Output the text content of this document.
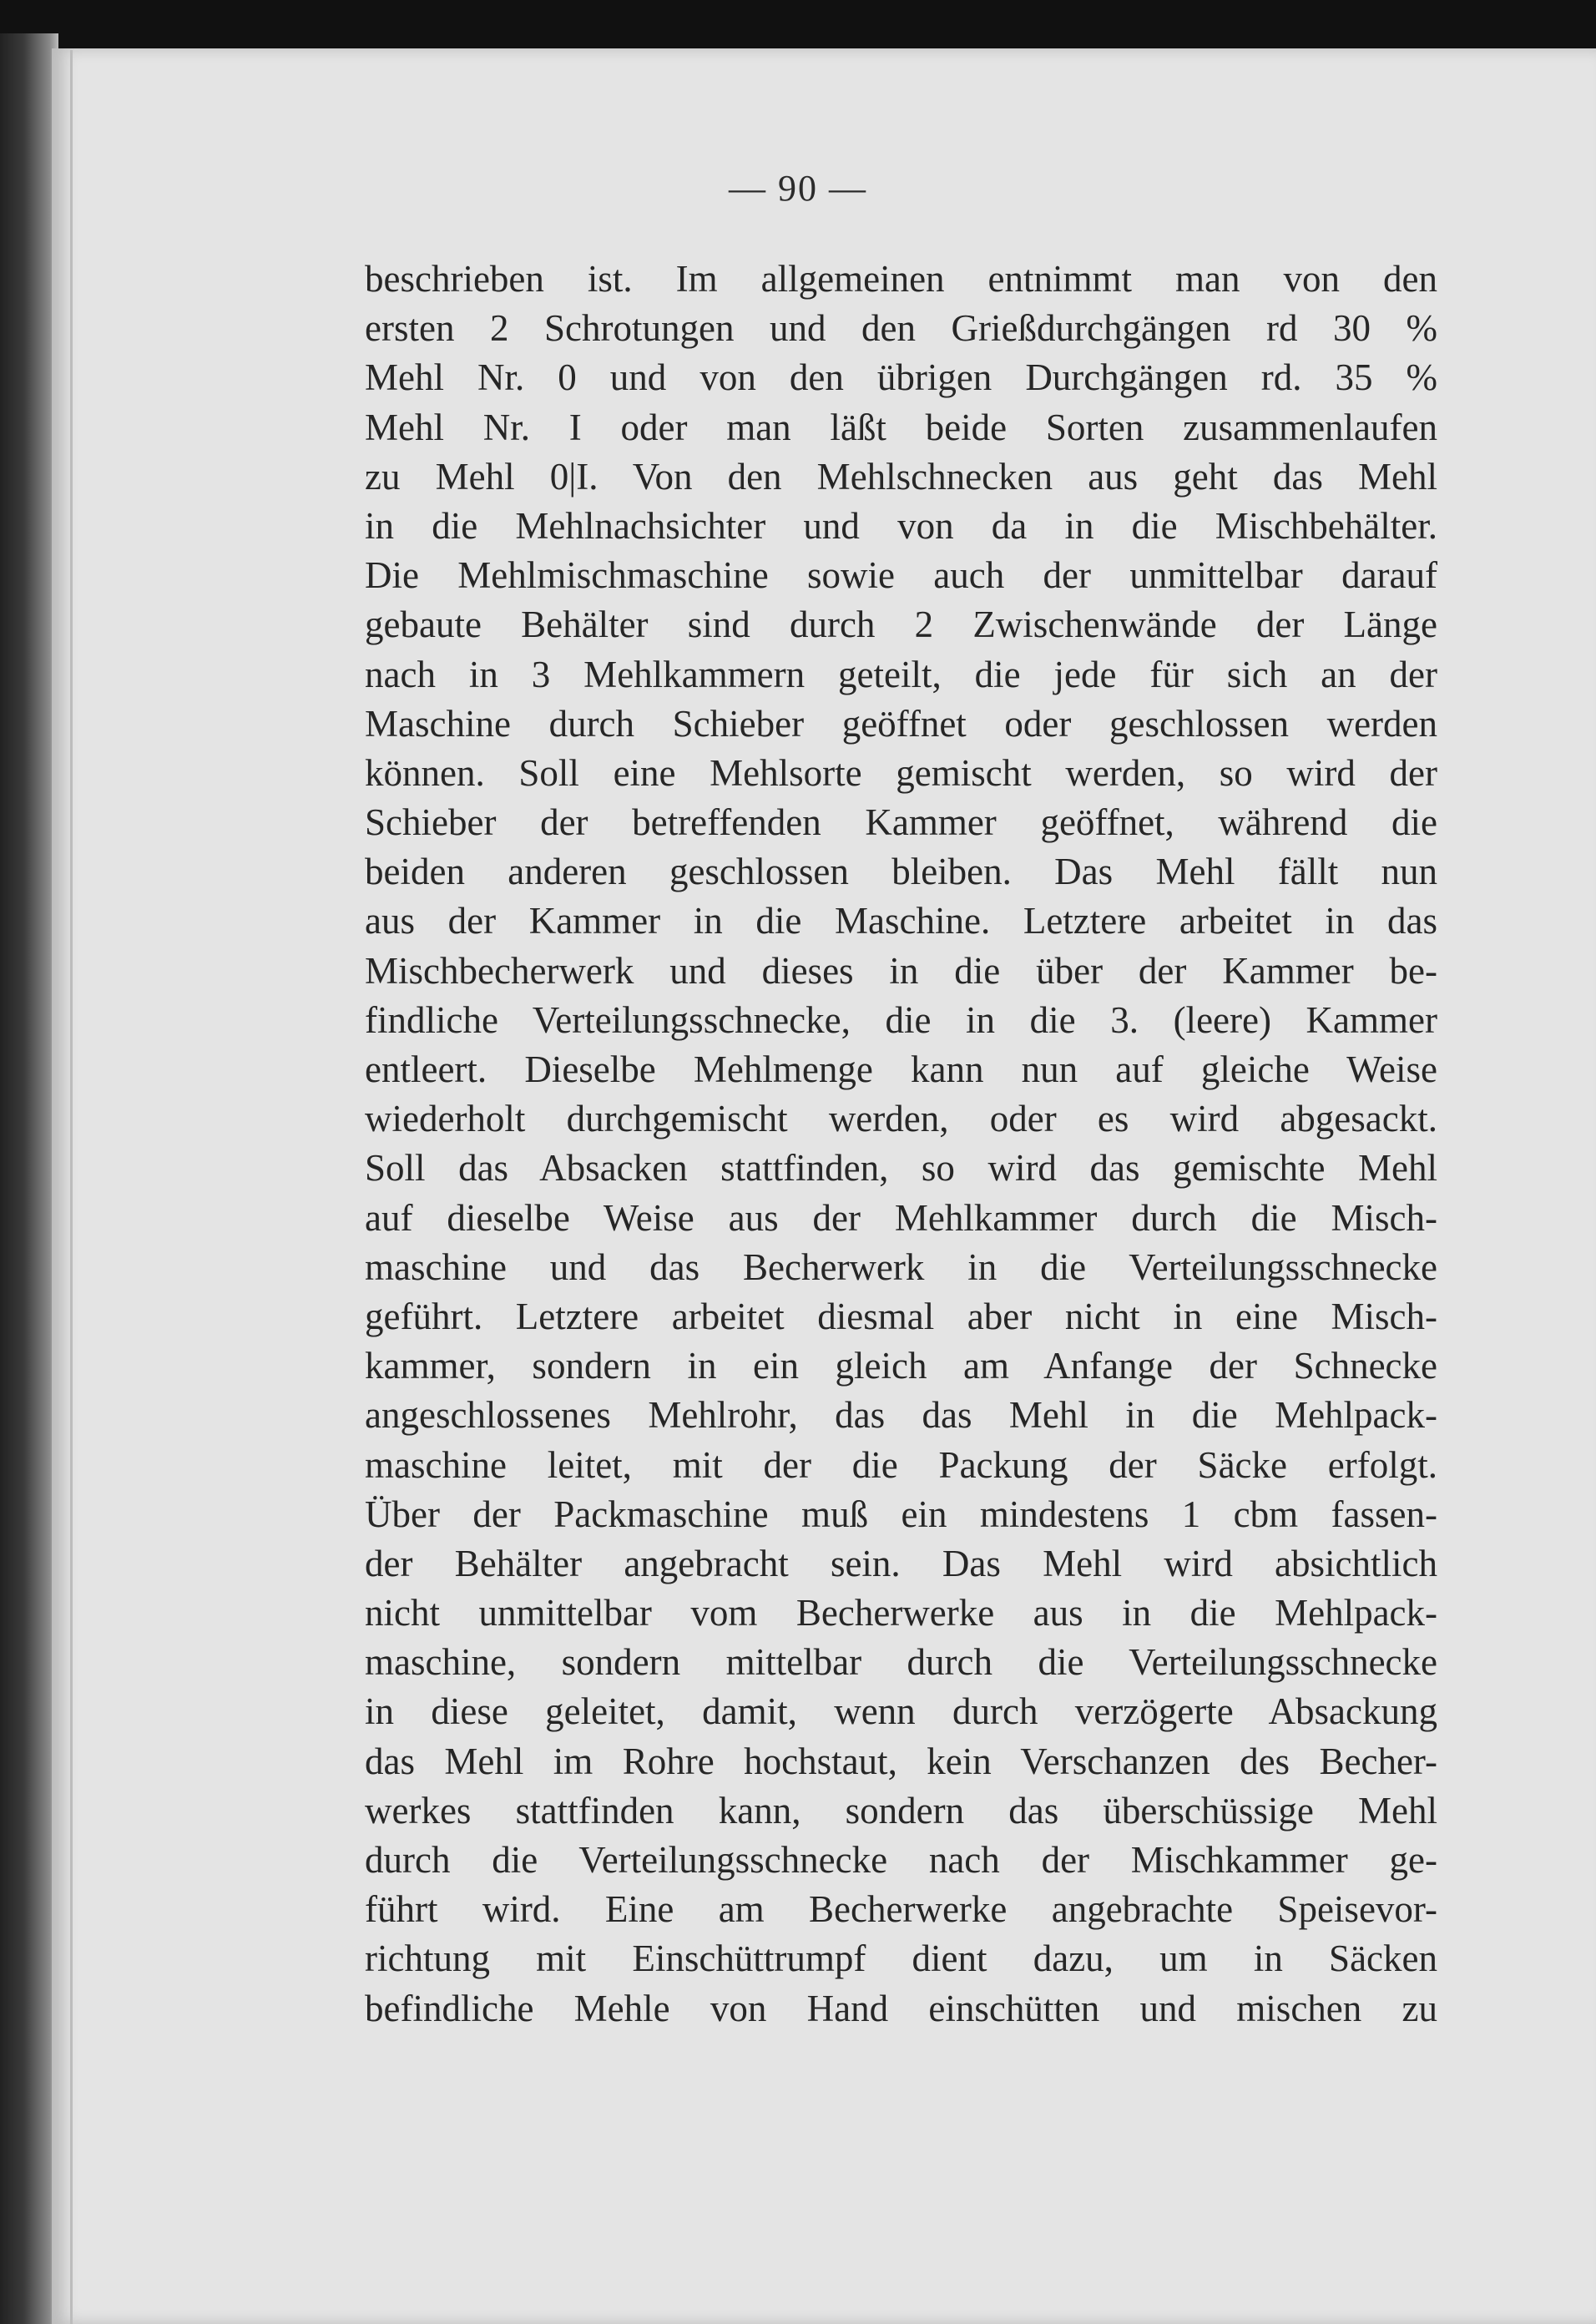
— 90 —
beschrieben ist. Im allgemeinen entnimmt man von den
ersten 2 Schrotungen und den Grießdurchgängen rd 30 %
Mehl Nr. 0 und von den übrigen Durchgängen rd. 35 %
Mehl Nr. I oder man läßt beide Sorten zusammenlaufen
zu Mehl 0|I. Von den Mehlschnecken aus geht das Mehl
in die Mehlnachsichter und von da in die Mischbehälter.
Die Mehlmischmaschine sowie auch der unmittelbar darauf
gebaute Behälter sind durch 2 Zwischenwände der Länge
nach in 3 Mehlkammern geteilt, die jede für sich an der
Maschine durch Schieber geöffnet oder geschlossen werden
können. Soll eine Mehlsorte gemischt werden, so wird der
Schieber der betreffenden Kammer geöffnet, während die
beiden anderen geschlossen bleiben. Das Mehl fällt nun
aus der Kammer in die Maschine. Letztere arbeitet in das
Mischbecherwerk und dieses in die über der Kammer be-
findliche Verteilungsschnecke, die in die 3. (leere) Kammer
entleert. Dieselbe Mehlmenge kann nun auf gleiche Weise
wiederholt durchgemischt werden, oder es wird abgesackt.
Soll das Absacken stattfinden, so wird das gemischte Mehl
auf dieselbe Weise aus der Mehlkammer durch die Misch-
maschine und das Becherwerk in die Verteilungsschnecke
geführt. Letztere arbeitet diesmal aber nicht in eine Misch-
kammer, sondern in ein gleich am Anfange der Schnecke
angeschlossenes Mehlrohr, das das Mehl in die Mehlpack-
maschine leitet, mit der die Packung der Säcke erfolgt.
Über der Packmaschine muß ein mindestens 1 cbm fassen-
der Behälter angebracht sein. Das Mehl wird absichtlich
nicht unmittelbar vom Becherwerke aus in die Mehlpack-
maschine, sondern mittelbar durch die Verteilungsschnecke
in diese geleitet, damit, wenn durch verzögerte Absackung
das Mehl im Rohre hochstaut, kein Verschanzen des Becher-
werkes stattfinden kann, sondern das überschüssige Mehl
durch die Verteilungsschnecke nach der Mischkammer ge-
führt wird. Eine am Becherwerke angebrachte Speisevor-
richtung mit Einschüttrumpf dient dazu, um in Säcken
befindliche Mehle von Hand einschütten und mischen zu
